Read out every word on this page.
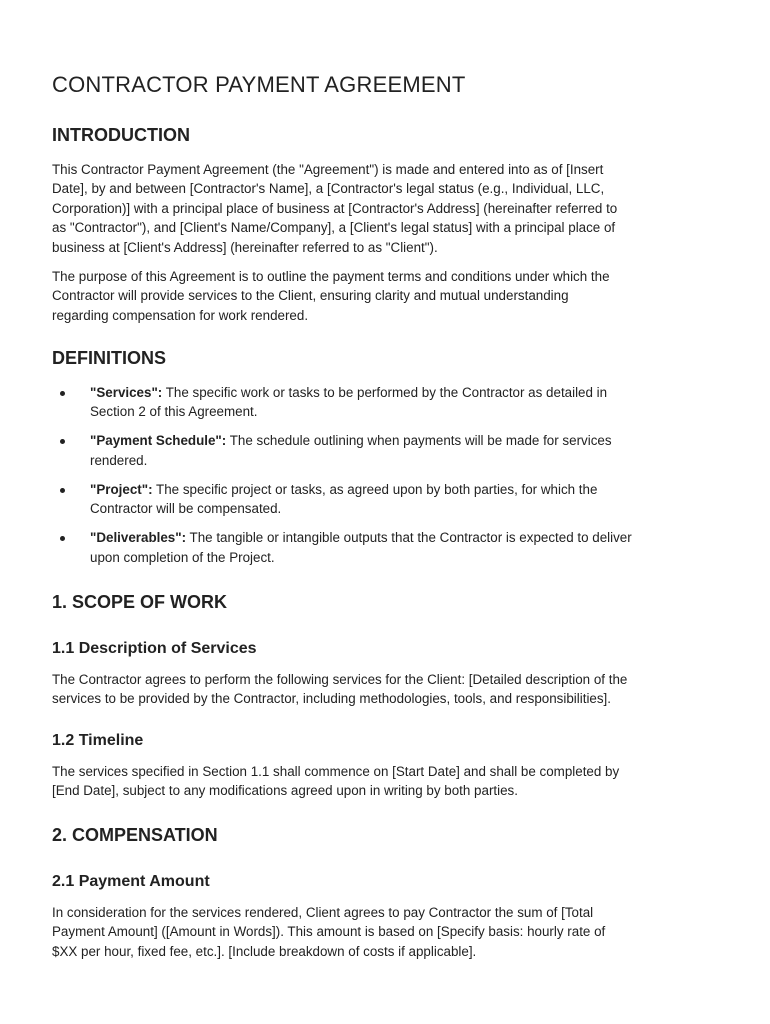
CONTRACTOR PAYMENT AGREEMENT
INTRODUCTION
This Contractor Payment Agreement (the "Agreement") is made and entered into as of [Insert
Date], by and between [Contractor's Name], a [Contractor's legal status (e.g., Individual, LLC,
Corporation)] with a principal place of business at [Contractor's Address] (hereinafter referred to
as "Contractor"), and [Client's Name/Company], a [Client's legal status] with a principal place of
business at [Client's Address] (hereinafter referred to as "Client").
The purpose of this Agreement is to outline the payment terms and conditions under which the
Contractor will provide services to the Client, ensuring clarity and mutual understanding
regarding compensation for work rendered.
DEFINITIONS
"Services": The specific work or tasks to be performed by the Contractor as detailed in
Section 2 of this Agreement.
"Payment Schedule": The schedule outlining when payments will be made for services
rendered.
"Project": The specific project or tasks, as agreed upon by both parties, for which the
Contractor will be compensated.
"Deliverables": The tangible or intangible outputs that the Contractor is expected to deliver
upon completion of the Project.
1. SCOPE OF WORK
1.1 Description of Services
The Contractor agrees to perform the following services for the Client: [Detailed description of the
services to be provided by the Contractor, including methodologies, tools, and responsibilities].
1.2 Timeline
The services specified in Section 1.1 shall commence on [Start Date] and shall be completed by
[End Date], subject to any modifications agreed upon in writing by both parties.
2. COMPENSATION
2.1 Payment Amount
In consideration for the services rendered, Client agrees to pay Contractor the sum of [Total
Payment Amount] ([Amount in Words]). This amount is based on [Specify basis: hourly rate of
$XX per hour, fixed fee, etc.]. [Include breakdown of costs if applicable].
